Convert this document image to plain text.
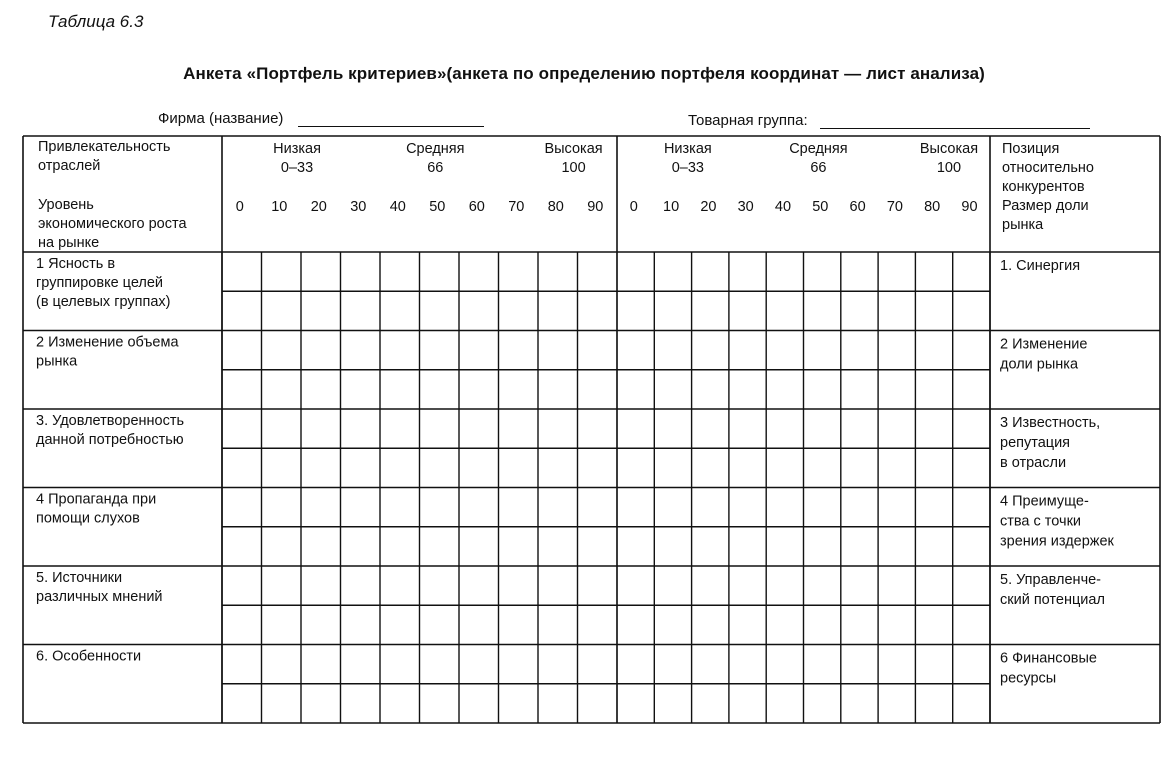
Таблица 6.3
Анкета «Портфель критериев»(анкета по определению портфеля координат — лист анализа)
Фирма (название)	Товарная группа:
Привлекательность
отраслей
Уровень
экономического роста
на рынке
Низкая
0–33
Средняя
66
Высокая
100
0 10 20 30 40 50 60 70 80 90
Низкая
0–33
Средняя
66
Высокая
100
0 10 20 30 40 50 60 70 80 90
Позиция
относительно
конкурентов
Размер доли
рынка
1 Ясность в
группировке целей
(в целевых группах)
2 Изменение объема
рынка
3. Удовлетворенность
данной потребностью
4 Пропаганда при
помощи слухов
5. Источники
различных мнений
6. Особенности
1. Синергия
2 Изменение
доли рынка
3 Известность,
репутация
в отрасли
4 Преимуще-
ства с точки
зрения издержек
5. Управленче-
ский потенциал
6 Финансовые
ресурсы
